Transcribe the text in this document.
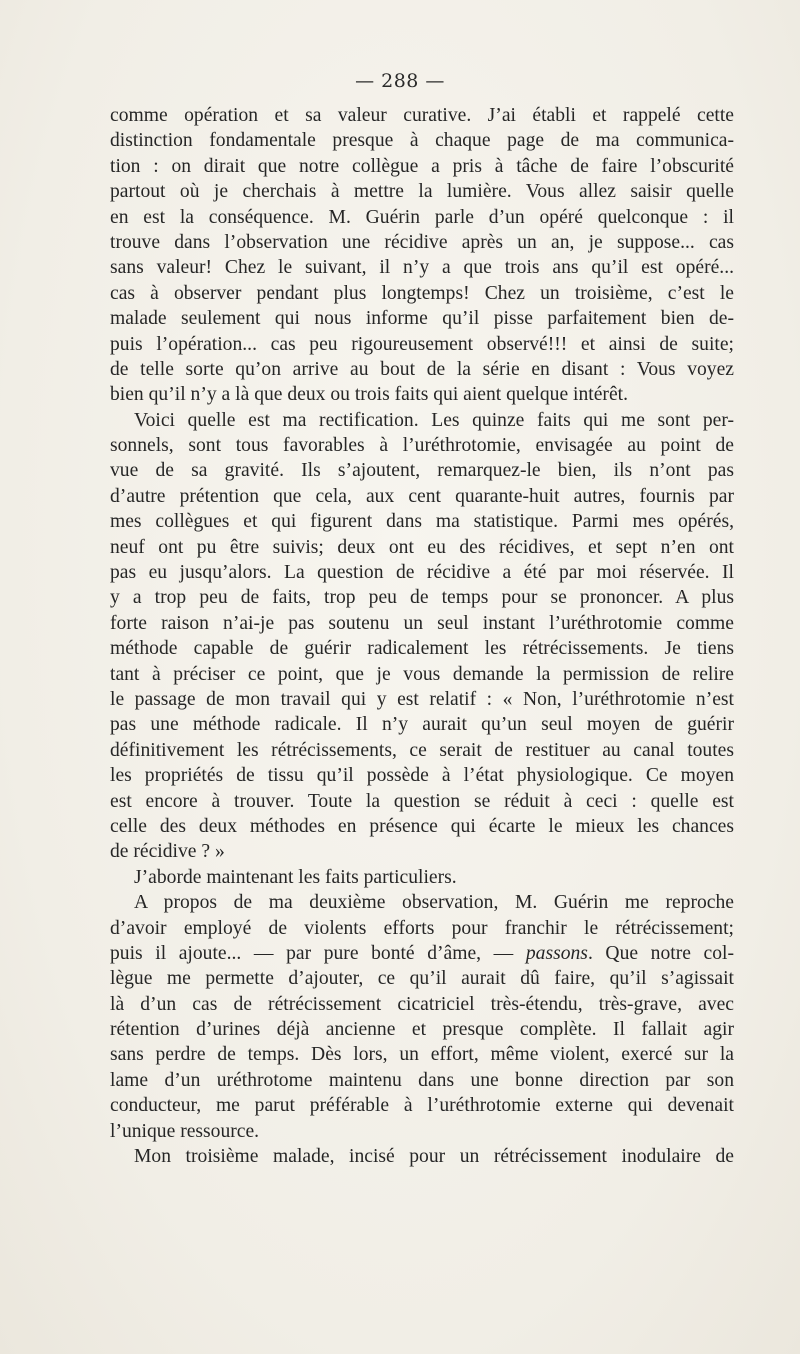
— 288 —
comme opération et sa valeur curative. J’ai établi et rappelé cette
distinction fondamentale presque à chaque page de ma communica-
tion : on dirait que notre collègue a pris à tâche de faire l’obscurité
partout où je cherchais à mettre la lumière. Vous allez saisir quelle
en est la conséquence. M. Guérin parle d’un opéré quelconque : il
trouve dans l’observation une récidive après un an, je suppose... cas
sans valeur! Chez le suivant, il n’y a que trois ans qu’il est opéré...
cas à observer pendant plus longtemps! Chez un troisième, c’est le
malade seulement qui nous informe qu’il pisse parfaitement bien de-
puis l’opération... cas peu rigoureusement observé!!! et ainsi de suite;
de telle sorte qu’on arrive au bout de la série en disant : Vous voyez
bien qu’il n’y a là que deux ou trois faits qui aient quelque intérêt.
Voici quelle est ma rectification. Les quinze faits qui me sont per-
sonnels, sont tous favorables à l’uréthrotomie, envisagée au point de
vue de sa gravité. Ils s’ajoutent, remarquez-le bien, ils n’ont pas
d’autre prétention que cela, aux cent quarante-huit autres, fournis par
mes collègues et qui figurent dans ma statistique. Parmi mes opérés,
neuf ont pu être suivis; deux ont eu des récidives, et sept n’en ont
pas eu jusqu’alors. La question de récidive a été par moi réservée. Il
y a trop peu de faits, trop peu de temps pour se prononcer. A plus
forte raison n’ai-je pas soutenu un seul instant l’uréthrotomie comme
méthode capable de guérir radicalement les rétrécissements. Je tiens
tant à préciser ce point, que je vous demande la permission de relire
le passage de mon travail qui y est relatif : « Non, l’uréthrotomie n’est
pas une méthode radicale. Il n’y aurait qu’un seul moyen de guérir
définitivement les rétrécissements, ce serait de restituer au canal toutes
les propriétés de tissu qu’il possède à l’état physiologique. Ce moyen
est encore à trouver. Toute la question se réduit à ceci : quelle est
celle des deux méthodes en présence qui écarte le mieux les chances
de récidive ? »
J’aborde maintenant les faits particuliers.
A propos de ma deuxième observation, M. Guérin me reproche
d’avoir employé de violents efforts pour franchir le rétrécissement;
puis il ajoute... — par pure bonté d’âme, — passons. Que notre col-
lègue me permette d’ajouter, ce qu’il aurait dû faire, qu’il s’agissait
là d’un cas de rétrécissement cicatriciel très-étendu, très-grave, avec
rétention d’urines déjà ancienne et presque complète. Il fallait agir
sans perdre de temps. Dès lors, un effort, même violent, exercé sur la
lame d’un uréthrotome maintenu dans une bonne direction par son
conducteur, me parut préférable à l’uréthrotomie externe qui devenait
l’unique ressource.
Mon troisième malade, incisé pour un rétrécissement inodulaire de
